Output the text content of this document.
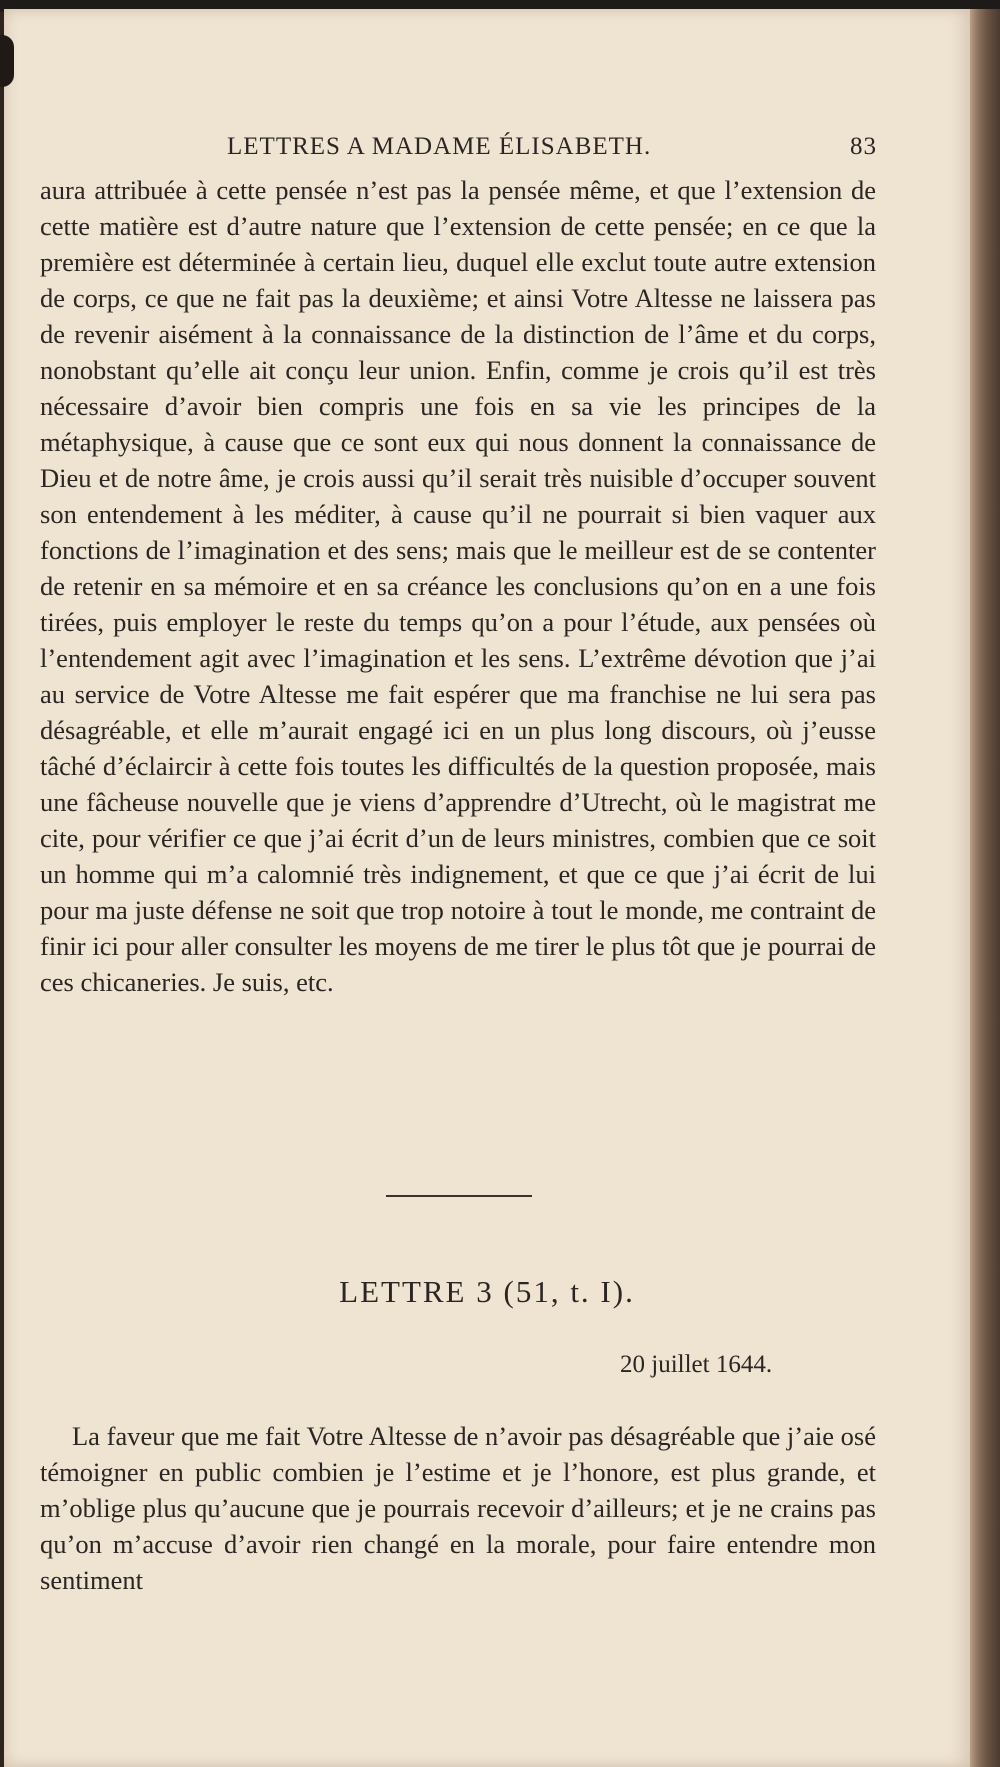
LETTRES A MADAME ÉLISABETH.	83

aura attribuée à cette pensée n’est pas la pensée même, et que l’extension de cette matière est d’autre nature que l’extension de cette pensée; en ce que la première est déterminée à certain lieu, duquel elle exclut toute autre extension de corps, ce que ne fait pas la deuxième; et ainsi Votre Altesse ne laissera pas de revenir aisément à la connaissance de la distinction de l’âme et du corps, nonobstant qu’elle ait conçu leur union. Enfin, comme je crois qu’il est très nécessaire d’avoir bien compris une fois en sa vie les principes de la métaphysique, à cause que ce sont eux qui nous donnent la connaissance de Dieu et de notre âme, je crois aussi qu’il serait très nuisible d’occuper souvent son entendement à les méditer, à cause qu’il ne pourrait si bien vaquer aux fonctions de l’imagination et des sens; mais que le meilleur est de se contenter de retenir en sa mémoire et en sa créance les conclusions qu’on en a une fois tirées, puis employer le reste du temps qu’on a pour l’étude, aux pensées où l’entendement agit avec l’imagination et les sens. L’extrême dévotion que j’ai au service de Votre Altesse me fait espérer que ma franchise ne lui sera pas désagréable, et elle m’aurait engagé ici en un plus long discours, où j’eusse tâché d’éclaircir à cette fois toutes les difficultés de la question proposée, mais une fâcheuse nouvelle que je viens d’apprendre d’Utrecht, où le magistrat me cite, pour vérifier ce que j’ai écrit d’un de leurs ministres, combien que ce soit un homme qui m’a calomnié très indignement, et que ce que j’ai écrit de lui pour ma juste défense ne soit que trop notoire à tout le monde, me contraint de finir ici pour aller consulter les moyens de me tirer le plus tôt que je pourrai de ces chicaneries. Je suis, etc.

LETTRE 3 (51, t. I).
20 juillet 1644.

La faveur que me fait Votre Altesse de n’avoir pas désagréable que j’aie osé témoigner en public combien je l’estime et je l’honore, est plus grande, et m’oblige plus qu’aucune que je pourrais recevoir d’ailleurs; et je ne crains pas qu’on m’accuse d’avoir rien changé en la morale, pour faire entendre mon sentiment
